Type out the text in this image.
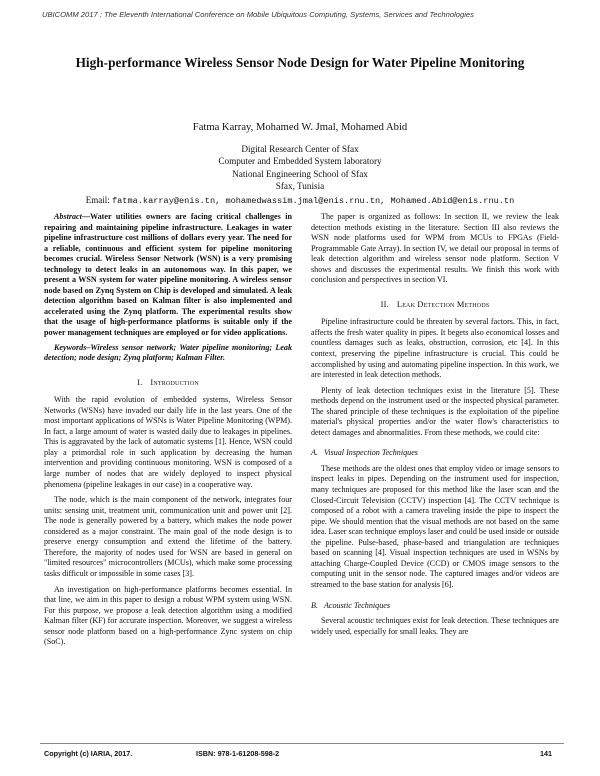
UBICOMM 2017 : The Eleventh International Conference on Mobile Ubiquitous Computing, Systems, Services and Technologies
High-performance Wireless Sensor Node Design for Water Pipeline Monitoring
Fatma Karray, Mohamed W. Jmal, Mohamed Abid
Digital Research Center of Sfax
Computer and Embedded System laboratory
National Engineering School of Sfax
Sfax, Tunisia
Email: fatma.karray@enis.tn, mohamedwassim.jmal@enis.rnu.tn, Mohamed.Abid@enis.rnu.tn

Abstract—Water utilities owners are facing critical challenges in repairing and maintaining pipeline infrastructure. Leakages in water pipeline infrastructure cost millions of dollars every year. The need for a reliable, continuous and efficient system for pipeline monitoring becomes crucial. Wireless Sensor Network (WSN) is a very promising technology to detect leaks in an autonomous way. In this paper, we present a WSN system for water pipeline monitoring. A wireless sensor node based on Zynq System on Chip is developed and simulated. A leak detection algorithm based on Kalman filter is also implemented and accelerated using the Zynq platform. The experimental results show that the usage of high-performance platforms is suitable only if the power management techniques are employed or for video applications.

Keywords–Wireless sensor network; Water pipeline monitoring; Leak detection; node design; Zynq platform; Kalman Filter.

I. Introduction

With the rapid evolution of embedded systems, Wireless Sensor Networks (WSNs) have invaded our daily life in the last years. One of the most important applications of WSNs is Water Pipeline Monitoring (WPM). In fact, a large amount of water is wasted daily due to leakages in pipelines. This is aggravated by the lack of automatic systems [1]. Hence, WSN could play a primordial role in such application by decreasing the human intervention and providing continuous monitoring. WSN is composed of a large number of nodes that are widely deployed to inspect physical phenomena (pipeline leakages in our case) in a cooperative way.

The node, which is the main component of the network, integrates four units: sensing unit, treatment unit, communication unit and power unit [2]. The node is generally powered by a battery, which makes the node power considered as a major constraint. The main goal of the node design is to preserve energy consumption and extend the lifetime of the battery. Therefore, the majority of nodes used for WSN are based in general on "limited resources" microcontrollers (MCUs), which make some processing tasks difficult or impossible in some cases [3].

An investigation on high-performance platforms becomes essential. In that line, we aim in this paper to design a robust WPM system using WSN. For this purpose, we propose a leak detection algorithm using a modified Kalman filter (KF) for accurate inspection. Moreover, we suggest a wireless sensor node platform based on a high-performance Zync system on chip (SoC).

The paper is organized as follows: In section II, we review the leak detection methods existing in the literature. Section III also reviews the WSN node platforms used for WPM from MCUs to FPGAs (Field-Programmable Gate Array). In section IV, we detail our proposal in terms of leak detection algorithm and wireless sensor node platform. Section V shows and discusses the experimental results. We finish this work with conclusion and perspectives in section VI.

II. Leak Detection Methods

Pipeline infrastructure could be threaten by several factors. This, in fact, affects the fresh water quality in pipes. It begets also economical losses and countless damages such as leaks, obstruction, corrosion, etc [4]. In this context, preserving the pipeline infrastructure is crucial. This could be accomplished by using and automating pipeline inspection. In this work, we are interested in leak detection methods.

Plenty of leak detection techniques exist in the literature [5]. These methods depend on the instrument used or the inspected physical parameter. The shared principle of these techniques is the exploitation of the pipeline material's physical properties and/or the water flow's characteristics to detect damages and abnormalities. From these methods, we could cite:

A. Visual Inspection Techniques

These methods are the oldest ones that employ video or image sensors to inspect leaks in pipes. Depending on the instrument used for inspection, many techniques are proposed for this method like the laser scan and the Closed-Circuit Television (CCTV) inspection [4]. The CCTV technique is composed of a robot with a camera traveling inside the pipe to inspect the pipe. We should mention that the visual methods are not based on the same idea. Laser scan technique employs laser and could be used inside or outside the pipeline. Pulse-based, phase-based and triangulation are techniques based on scanning [4]. Visual inspection techniques are used in WSNs by attaching Charge-Coupled Device (CCD) or CMOS image sensors to the computing unit in the sensor node. The captured images and/or videos are streamed to the base station for analysis [6].

B. Acoustic Techniques

Several acoustic techniques exist for leak detection. These techniques are widely used, especially for small leaks. They are

Copyright (c) IARIA, 2017.	ISBN: 978-1-61208-598-2	141
